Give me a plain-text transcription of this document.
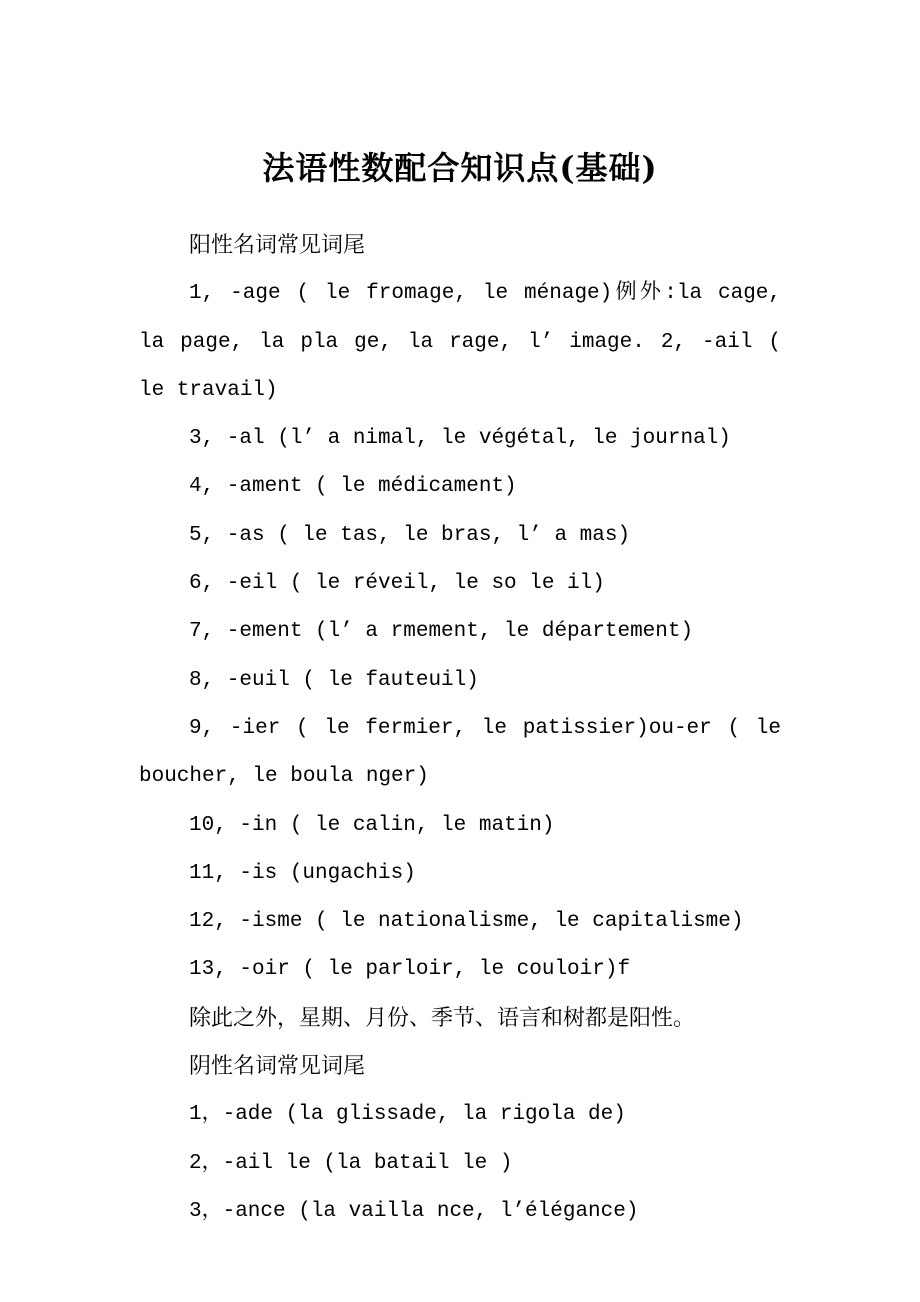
法语性数配合知识点(基础)

阳性名词常见词尾

1, -age ( le fromage, le ménage)例外:la cage, la page, la pla ge, la rage, l’ image. 2, -ail ( le travail)

3, -al (l’ a nimal, le végétal, le journal)

4, -ament ( le médicament)

5, -as ( le tas, le bras, l’ a mas)

6, -eil ( le réveil, le so le il)

7, -ement (l’ a rmement, le département)

8, -euil ( le fauteuil)

9, -ier ( le fermier, le patissier)ou-er ( le boucher, le boula nger)

10, -in ( le calin, le matin)

11, -is (ungachis)

12, -isme ( le nationalisme, le capitalisme)

13, -oir ( le parloir, le couloir)f

除此之外，星期、月份、季节、语言和树都是阳性。

阴性名词常见词尾

1，-ade (la glissade, la rigola de)

2，-ail le (la batail le )

3，-ance (la vailla nce, l’élégance)
